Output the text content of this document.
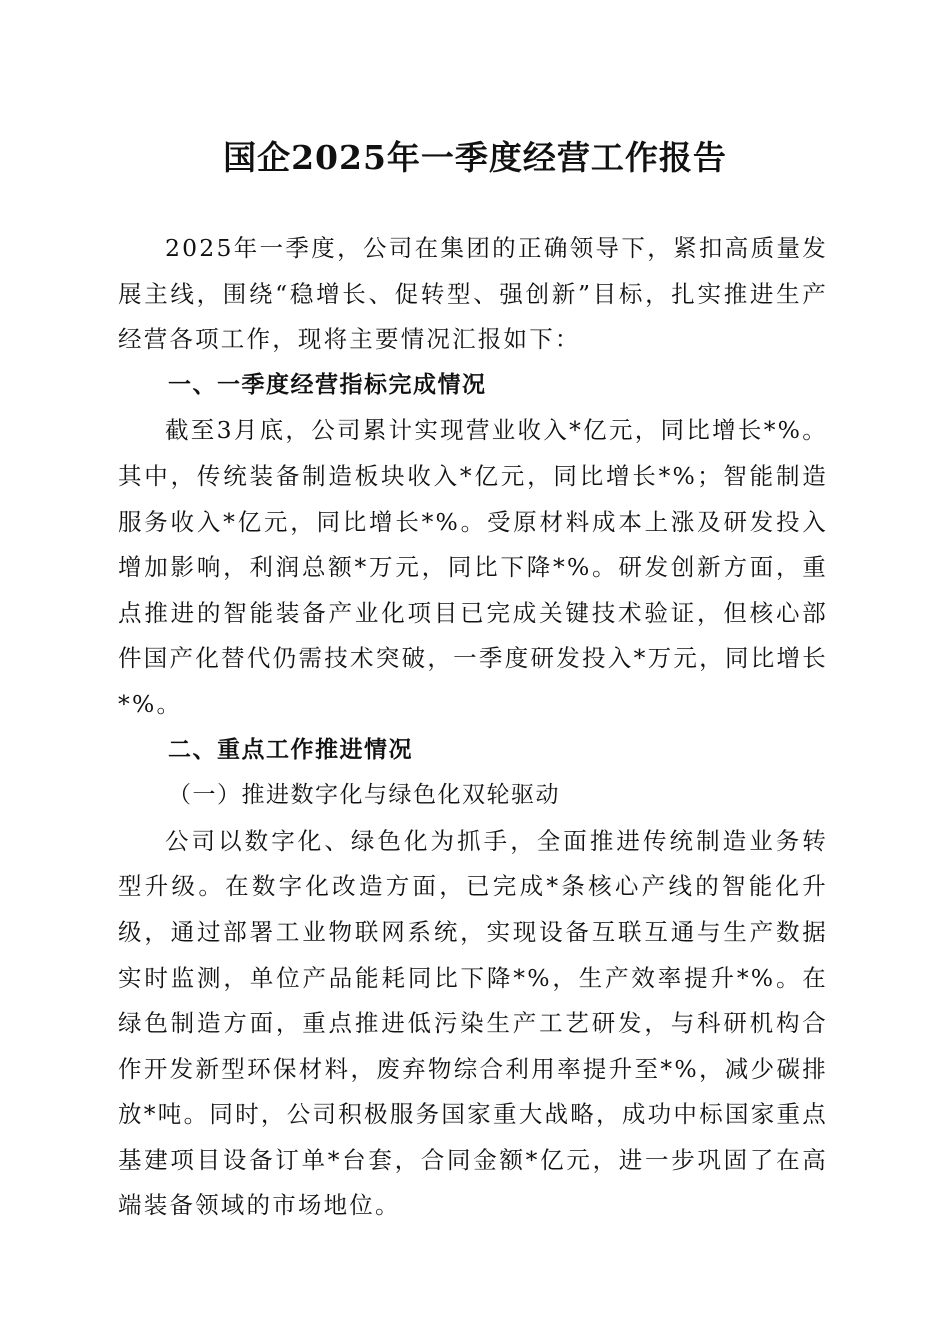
国企2025年一季度经营工作报告

2025年一季度，公司在集团的正确领导下，紧扣高质量发展主线，围绕“稳增长、促转型、强创新”目标，扎实推进生产经营各项工作，现将主要情况汇报如下：

一、一季度经营指标完成情况

截至3月底，公司累计实现营业收入*亿元，同比增长*%。其中，传统装备制造板块收入*亿元，同比增长*%；智能制造服务收入*亿元，同比增长*%。受原材料成本上涨及研发投入增加影响，利润总额*万元，同比下降*%。研发创新方面，重点推进的智能装备产业化项目已完成关键技术验证，但核心部件国产化替代仍需技术突破，一季度研发投入*万元，同比增长*%。

二、重点工作推进情况
（一）推进数字化与绿色化双轮驱动

公司以数字化、绿色化为抓手，全面推进传统制造业务转型升级。在数字化改造方面，已完成*条核心产线的智能化升级，通过部署工业物联网系统，实现设备互联互通与生产数据实时监测，单位产品能耗同比下降*%，生产效率提升*%。在绿色制造方面，重点推进低污染生产工艺研发，与科研机构合作开发新型环保材料，废弃物综合利用率提升至*%，减少碳排放*吨。同时，公司积极服务国家重大战略，成功中标国家重点基建项目设备订单*台套，合同金额*亿元，进一步巩固了在高端装备领域的市场地位。
